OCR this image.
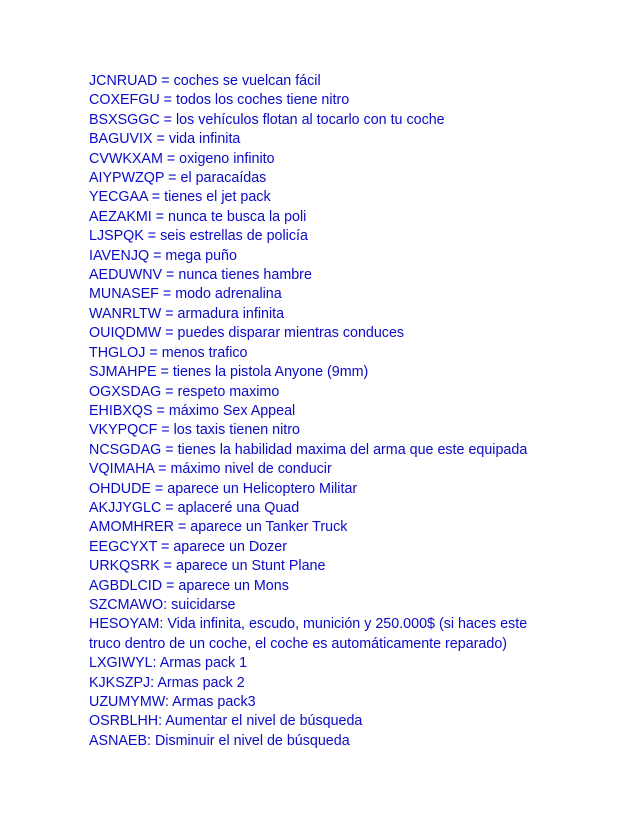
JCNRUAD = coches se vuelcan fácil
COXEFGU = todos los coches tiene nitro
BSXSGGC = los vehículos flotan al tocarlo con tu coche
BAGUVIX = vida infinita
CVWKXAM = oxigeno infinito
AIYPWZQP = el paracaídas
YECGAA = tienes el jet pack
AEZAKMI = nunca te busca la poli
LJSPQK = seis estrellas de policía
IAVENJQ = mega puño
AEDUWNV = nunca tienes hambre
MUNASEF = modo adrenalina
WANRLTW = armadura infinita
OUIQDMW = puedes disparar mientras conduces
THGLOJ = menos trafico
SJMAHPE = tienes la pistola Anyone (9mm)
OGXSDAG = respeto maximo
EHIBXQS = máximo Sex Appeal
VKYPQCF = los taxis tienen nitro
NCSGDAG = tienes la habilidad maxima del arma que este equipada
VQIMAHA = máximo nivel de conducir
OHDUDE = aparece un Helicoptero Militar
AKJJYGLC = aplaceré una Quad
AMOMHRER = aparece un Tanker Truck
EEGCYXT = aparece un Dozer
URKQSRK = aparece un Stunt Plane
AGBDLCID = aparece un Mons
SZCMAWO: suicidarse
HESOYAM: Vida infinita, escudo, munición y 250.000$ (si haces este
truco dentro de un coche, el coche es automáticamente reparado)
LXGIWYL: Armas pack 1
KJKSZPJ: Armas pack 2
UZUMYMW: Armas pack3
OSRBLHH: Aumentar el nivel de búsqueda
ASNAEB: Disminuir el nivel de búsqueda
